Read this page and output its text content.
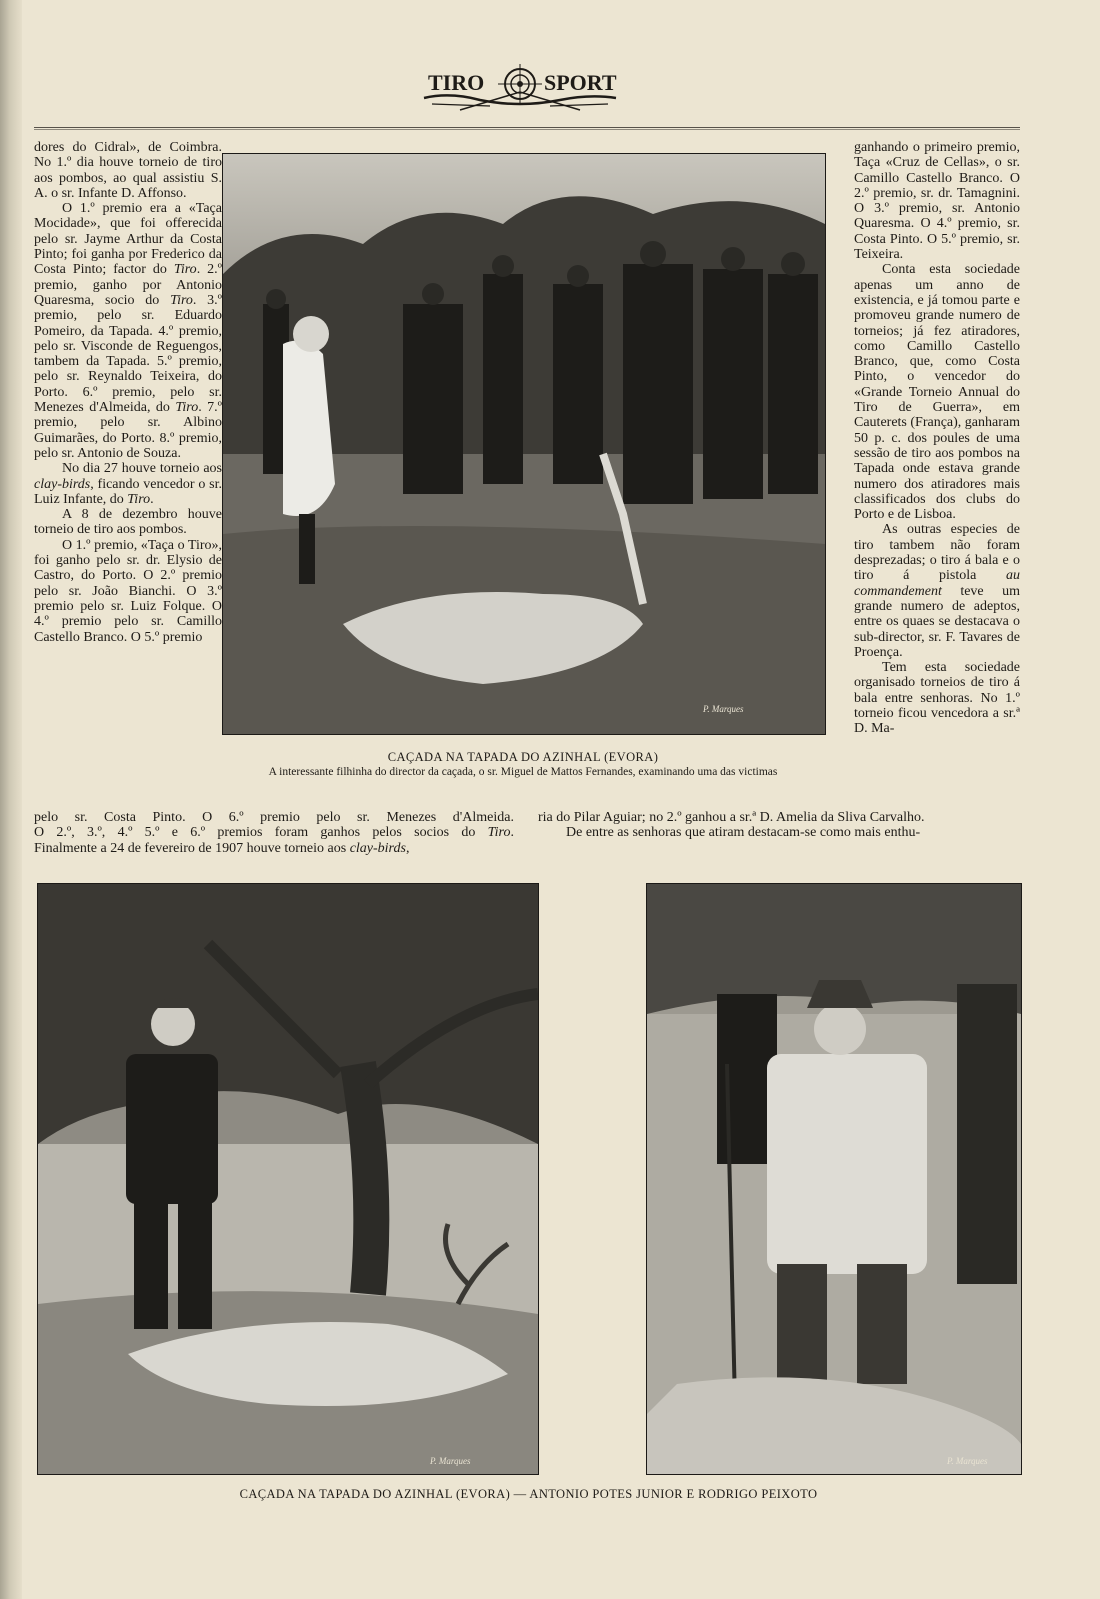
TIRO	SPORT

dores do Cidral», de Coimbra. No 1.º dia houve torneio de tiro aos pombos, ao qual assistiu S. A. o sr. Infante D. Affonso.

O 1.º premio era a «Taça Mocidade», que foi offerecida pelo sr. Jayme Arthur da Costa Pinto; foi ganha por Frederico da Costa Pinto; factor do Tiro. 2.º premio, ganho por Antonio Quaresma, socio do Tiro. 3.º premio, pelo sr. Eduardo Pomeiro, da Tapada. 4.º premio, pelo sr. Visconde de Reguengos, tambem da Tapada. 5.º premio, pelo sr. Reynaldo Teixeira, do Porto. 6.º premio, pelo sr. Menezes d'Almeida, do Tiro. 7.º premio, pelo sr. Albino Guimarães, do Porto. 8.º premio, pelo sr. Antonio de Souza.

No dia 27 houve torneio aos clay-birds, ficando vencedor o sr. Luiz Infante, do Tiro.

A 8 de dezembro houve torneio de tiro aos pombos.

O 1.º premio, «Taça o Tiro», foi ganho pelo sr. dr. Elysio de Castro, do Porto. O 2.º premio pelo sr. João Bianchi. O 3.º premio pelo sr. Luiz Folque. O 4.º premio pelo sr. Camillo Castello Branco. O 5.º premio

P. Marques
CAÇADA NA TAPADA DO AZINHAL (EVORA)
A interessante filhinha do director da caçada, o sr. Miguel de Mattos Fernandes, examinando uma das victimas

ganhando o primeiro premio, Taça «Cruz de Cellas», o sr. Camillo Castello Branco. O 2.º premio, sr. dr. Tamagnini. O 3.º premio, sr. Antonio Quaresma. O 4.º premio, sr. Costa Pinto. O 5.º premio, sr. Teixeira.

Conta esta sociedade apenas um anno de existencia, e já tomou parte e promoveu grande numero de torneios; já fez atiradores, como Camillo Castello Branco, que, como Costa Pinto, o vencedor do «Grande Torneio Annual do Tiro de Guerra», em Cauterets (França), ganharam 50 p. c. dos poules de uma sessão de tiro aos pombos na Tapada onde estava grande numero dos atiradores mais classificados dos clubs do Porto e de Lisboa.

As outras especies de tiro tambem não foram desprezadas; o tiro á bala e o tiro á pistola au commandement teve um grande numero de adeptos, entre os quaes se destacava o sub-director, sr. F. Tavares de Proença.

Tem esta sociedade organisado torneios de tiro á bala entre senhoras. No 1.º torneio ficou vencedora a sr.ª D. Ma-

pelo sr. Costa Pinto. O 6.º premio pelo sr. Menezes d'Almeida.

O 2.º, 3.º, 4.º 5.º e 6.º premios foram ganhos pelos socios do Tiro.

Finalmente a 24 de fevereiro de 1907 houve torneio aos clay-birds,

ria do Pilar Aguiar; no 2.º ganhou a sr.ª D. Amelia da Sliva Carvalho.

De entre as senhoras que atiram destacam-se como mais enthu-

P. Marques	P. Marques
CAÇADA NA TAPADA DO AZINHAL (EVORA) — ANTONIO POTES JUNIOR E RODRIGO PEIXOTO
